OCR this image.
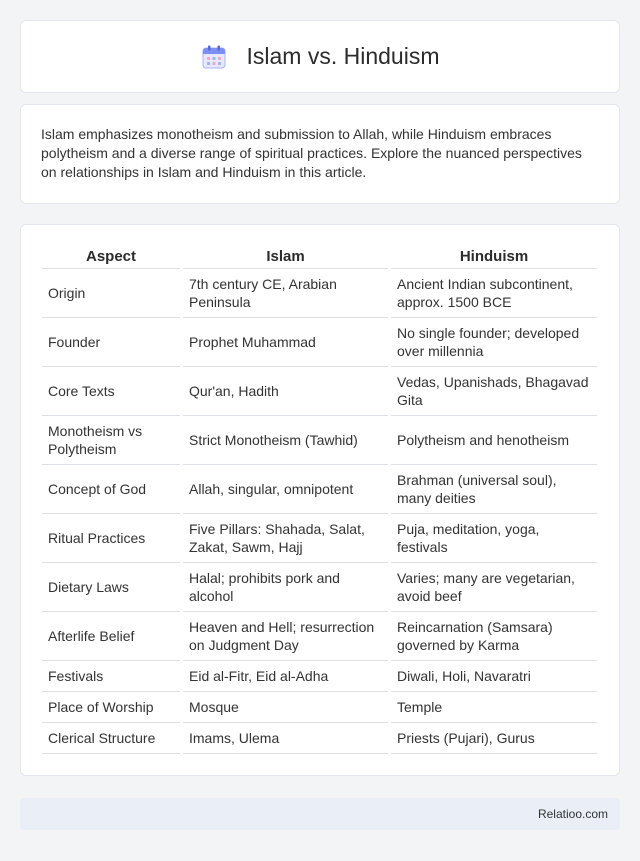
Islam vs. Hinduism

Islam emphasizes monotheism and submission to Allah, while Hinduism embraces polytheism and a diverse range of spiritual practices. Explore the nuanced perspectives on relationships in Islam and Hinduism in this article.

Aspect	Islam	Hinduism
Origin	7th century CE, Arabian Peninsula	Ancient Indian subcontinent, approx. 1500 BCE
Founder	Prophet Muhammad	No single founder; developed over millennia
Core Texts	Qur'an, Hadith	Vedas, Upanishads, Bhagavad Gita
Monotheism vs Polytheism	Strict Monotheism (Tawhid)	Polytheism and henotheism
Concept of God	Allah, singular, omnipotent	Brahman (universal soul), many deities
Ritual Practices	Five Pillars: Shahada, Salat, Zakat, Sawm, Hajj	Puja, meditation, yoga, festivals
Dietary Laws	Halal; prohibits pork and alcohol	Varies; many are vegetarian, avoid beef
Afterlife Belief	Heaven and Hell; resurrection on Judgment Day	Reincarnation (Samsara) governed by Karma
Festivals	Eid al-Fitr, Eid al-Adha	Diwali, Holi, Navaratri
Place of Worship	Mosque	Temple
Clerical Structure	Imams, Ulema	Priests (Pujari), Gurus
Relatioo.com
